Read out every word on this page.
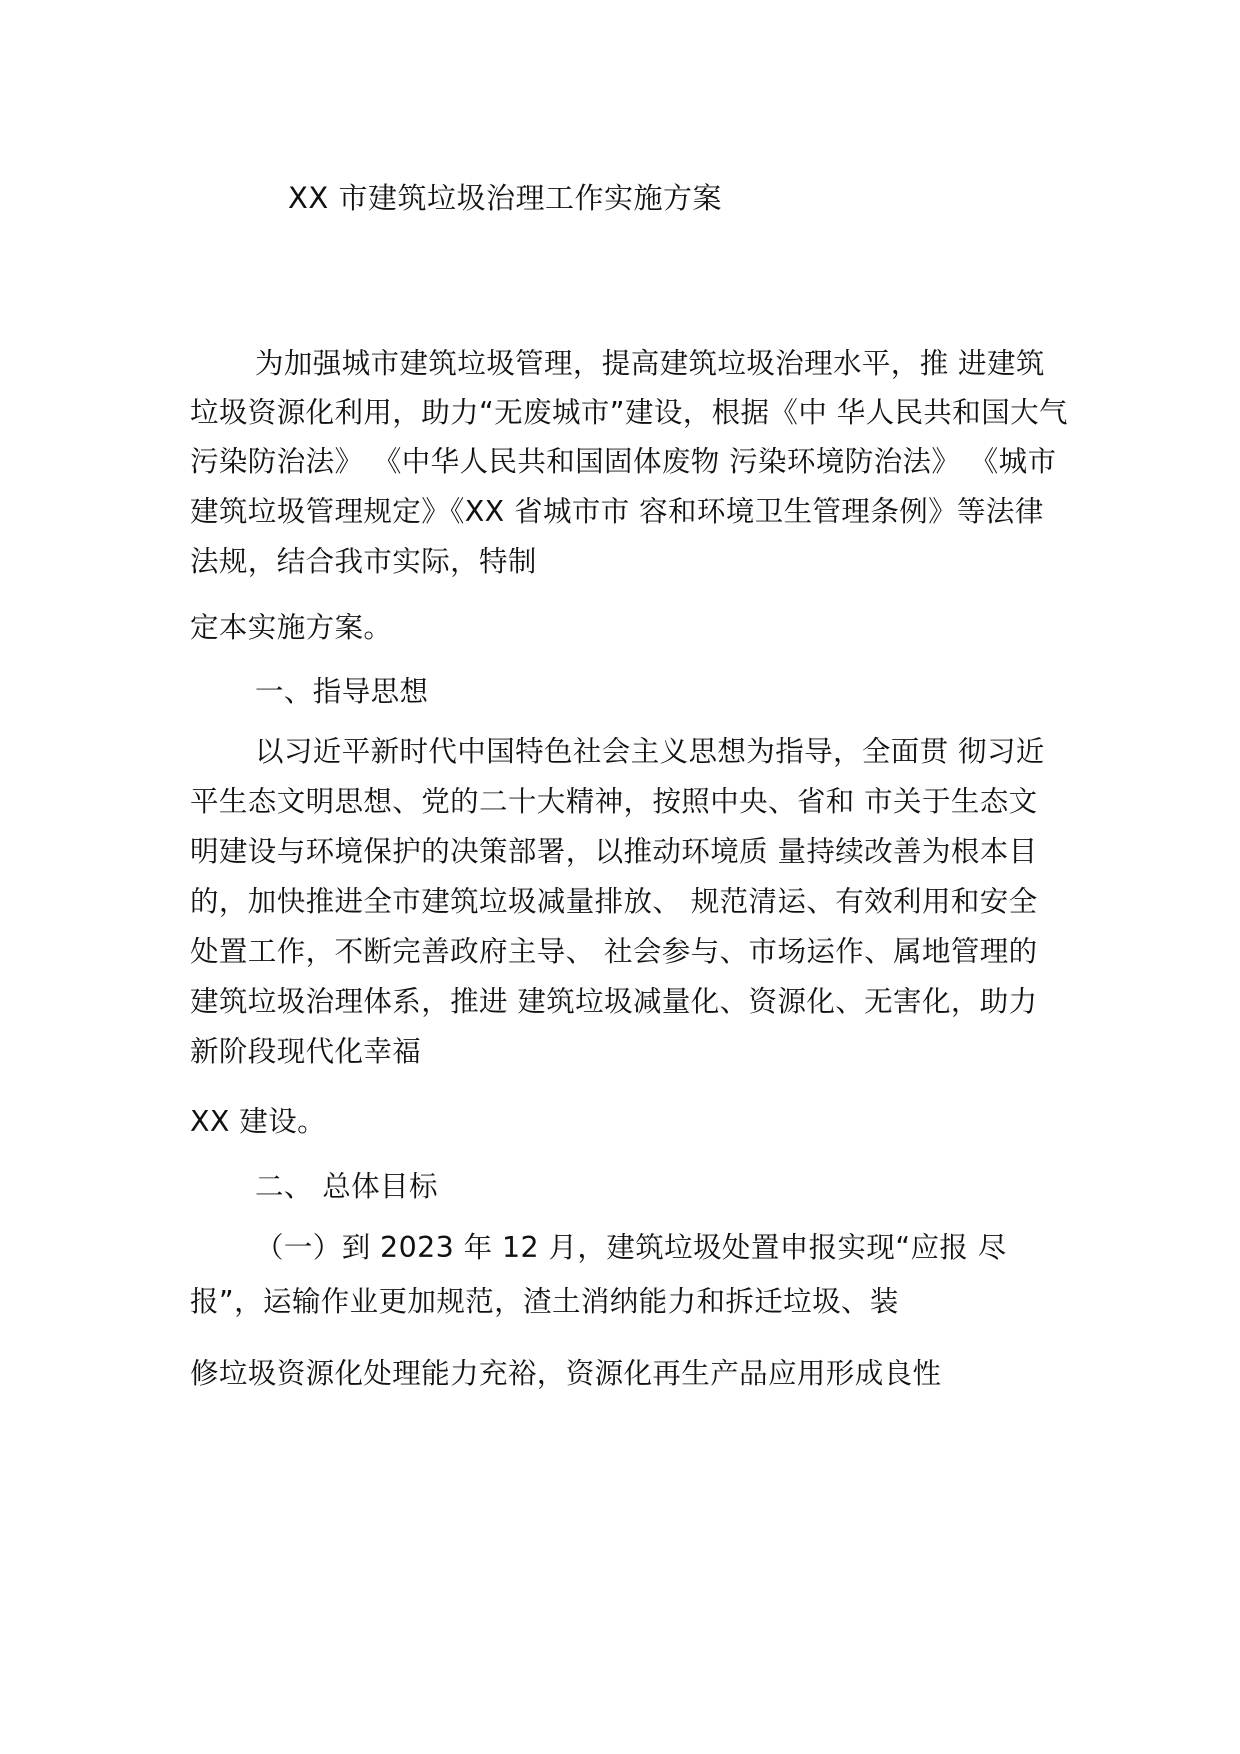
XX 市建筑垃圾治理工作实施方案
为加强城市建筑垃圾管理，提高建筑垃圾治理水平，推 进建筑
垃圾资源化利用，助力“无废城市”建设，根据《中 华人民共和国大气
污染防治法》 《中华人民共和国固体废物 污染环境防治法》 《城市
建筑垃圾管理规定》《XX 省城市市 容和环境卫生管理条例》等法律
法规，结合我市实际，特制
定本实施方案。
一、指导思想
以习近平新时代中国特色社会主义思想为指导，全面贯 彻习近
平生态文明思想、党的二十大精神，按照中央、省和 市关于生态文
明建设与环境保护的决策部署，以推动环境质 量持续改善为根本目
的，加快推进全市建筑垃圾减量排放、 规范清运、有效利用和安全
处置工作，不断完善政府主导、 社会参与、市场运作、属地管理的
建筑垃圾治理体系，推进 建筑垃圾减量化、资源化、无害化，助力
新阶段现代化幸福
XX 建设。
二、 总体目标
（一）到 2023 年 12 月，建筑垃圾处置申报实现“应报 尽
报”，运输作业更加规范，渣土消纳能力和拆迁垃圾、装
修垃圾资源化处理能力充裕，资源化再生产品应用形成良性
